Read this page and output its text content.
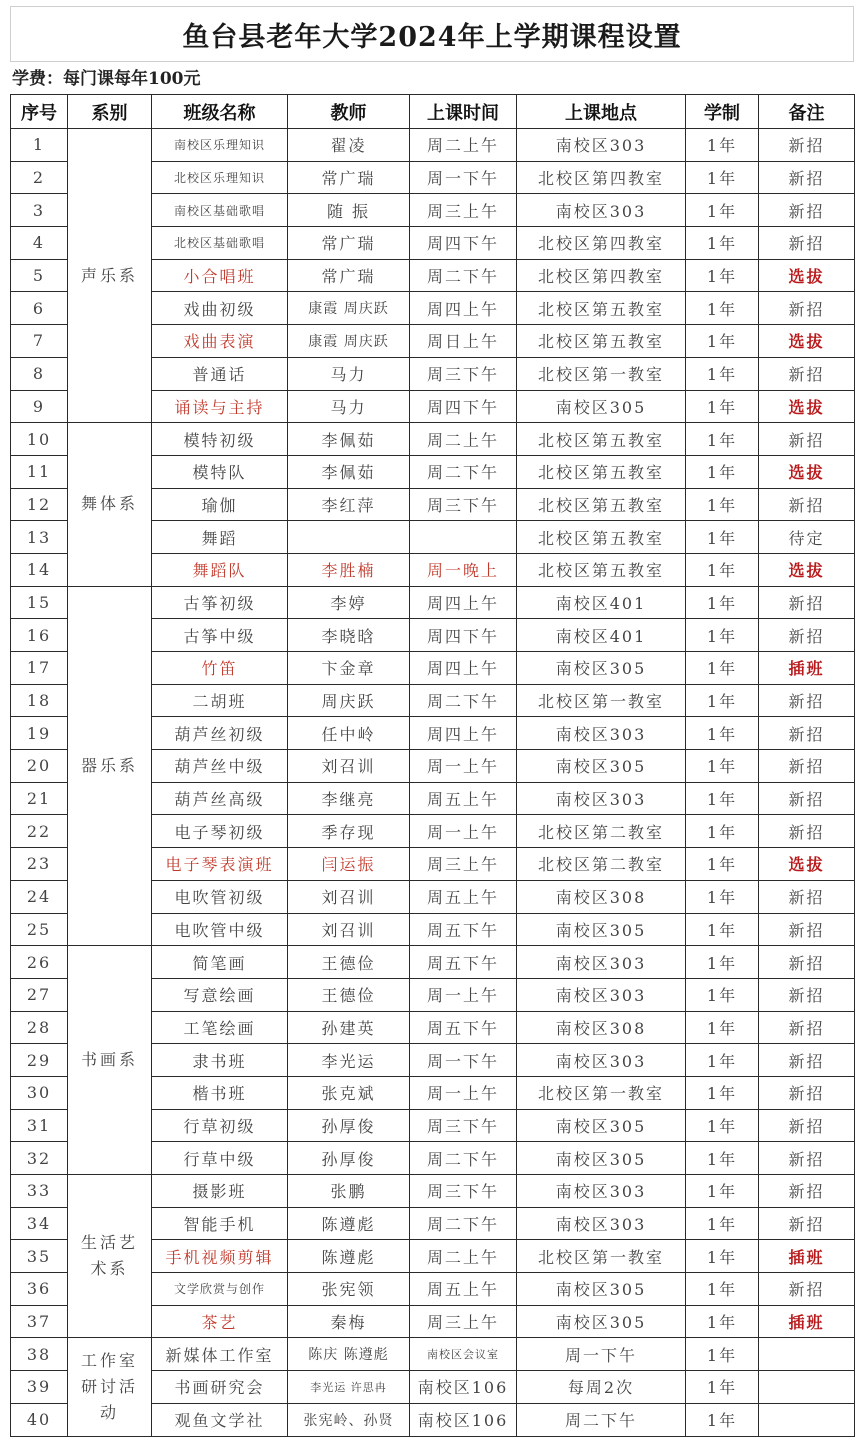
鱼台县老年大学2024年上学期课程设置
学费：每门课每年100元
序号	系别	班级名称	教师	上课时间	上课地点	学制	备注
1	声乐系	南校区乐理知识	翟凌	周二上午	南校区303	1年	新招
2		北校区乐理知识	常广瑞	周一下午	北校区第四教室	1年	新招
3		南校区基础歌唱	随 振	周三上午	南校区303	1年	新招
4		北校区基础歌唱	常广瑞	周四下午	北校区第四教室	1年	新招
5		小合唱班	常广瑞	周二下午	北校区第四教室	1年	选拔
6		戏曲初级	康霞 周庆跃	周四上午	北校区第五教室	1年	新招
7		戏曲表演	康霞 周庆跃	周日上午	北校区第五教室	1年	选拔
8		普通话	马力	周三下午	北校区第一教室	1年	新招
9		诵读与主持	马力	周四下午	南校区305	1年	选拔
10	舞体系	模特初级	李佩茹	周二上午	北校区第五教室	1年	新招
11		模特队	李佩茹	周二下午	北校区第五教室	1年	选拔
12		瑜伽	李红萍	周三下午	北校区第五教室	1年	新招
13		舞蹈			北校区第五教室	1年	待定
14		舞蹈队	李胜楠	周一晚上	北校区第五教室	1年	选拔
15	器乐系	古筝初级	李婷	周四上午	南校区401	1年	新招
16		古筝中级	李晓晗	周四下午	南校区401	1年	新招
17		竹笛	卞金章	周四上午	南校区305	1年	插班
18		二胡班	周庆跃	周二下午	北校区第一教室	1年	新招
19		葫芦丝初级	任中岭	周四上午	南校区303	1年	新招
20		葫芦丝中级	刘召训	周一上午	南校区305	1年	新招
21		葫芦丝高级	李继亮	周五上午	南校区303	1年	新招
22		电子琴初级	季存现	周一上午	北校区第二教室	1年	新招
23		电子琴表演班	闫运振	周三上午	北校区第二教室	1年	选拔
24		电吹管初级	刘召训	周五上午	南校区308	1年	新招
25		电吹管中级	刘召训	周五下午	南校区305	1年	新招
26	书画系	简笔画	王德俭	周五下午	南校区303	1年	新招
27		写意绘画	王德俭	周一上午	南校区303	1年	新招
28		工笔绘画	孙建英	周五下午	南校区308	1年	新招
29		隶书班	李光运	周一下午	南校区303	1年	新招
30		楷书班	张克斌	周一上午	北校区第一教室	1年	新招
31		行草初级	孙厚俊	周三下午	南校区305	1年	新招
32		行草中级	孙厚俊	周二下午	南校区305	1年	新招
33	生活艺术系	摄影班	张鹏	周三下午	南校区303	1年	新招
34		智能手机	陈遵彪	周二下午	南校区303	1年	新招
35		手机视频剪辑	陈遵彪	周二上午	北校区第一教室	1年	插班
36		文学欣赏与创作	张宪领	周五上午	南校区305	1年	新招
37		茶艺	秦梅	周三上午	南校区305	1年	插班
38	工作室研讨活动	新媒体工作室	陈庆 陈遵彪	南校区会议室	周一下午	1年	
39		书画研究会	李光运 许思冉	南校区106	每周2次	1年	
40		观鱼文学社	张宪岭、孙贤	南校区106	周二下午	1年	
